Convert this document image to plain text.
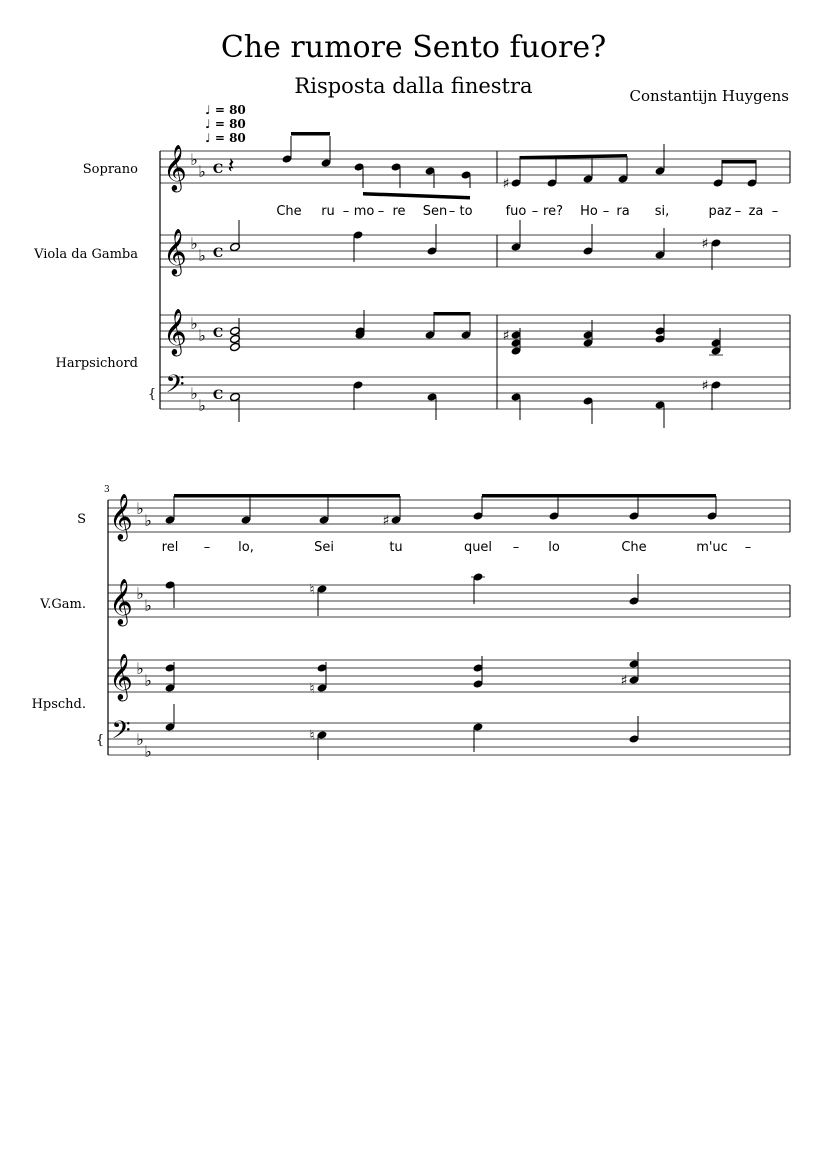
Che rumore Sento fuore?
Risposta dalla finestra	Constantijn Huygens
♩ = 80
♩ = 80
♩ = 80
Soprano
Viola da Gamba
Harpsichord
S
V.Gam.
Hpschd.
3
{
𝄞 ♭
♭ C
𝄞 ♭
♭ C
𝄞 ♭
♭ C
𝄢 ♭
♭
C
𝄽
♯
Che ru – mo – re Sen – to	fuo – re? Ho – ra si,	paz – za –
♯
♯
♯
{
𝄞 ♭
♭
𝄞 ♭
♭
𝄞 ♭
♭
𝄢 ♭
♭
♯
rel – lo,	Sei	tu	quel – lo	Che	m'uc –
♮
♮	♯
♮
